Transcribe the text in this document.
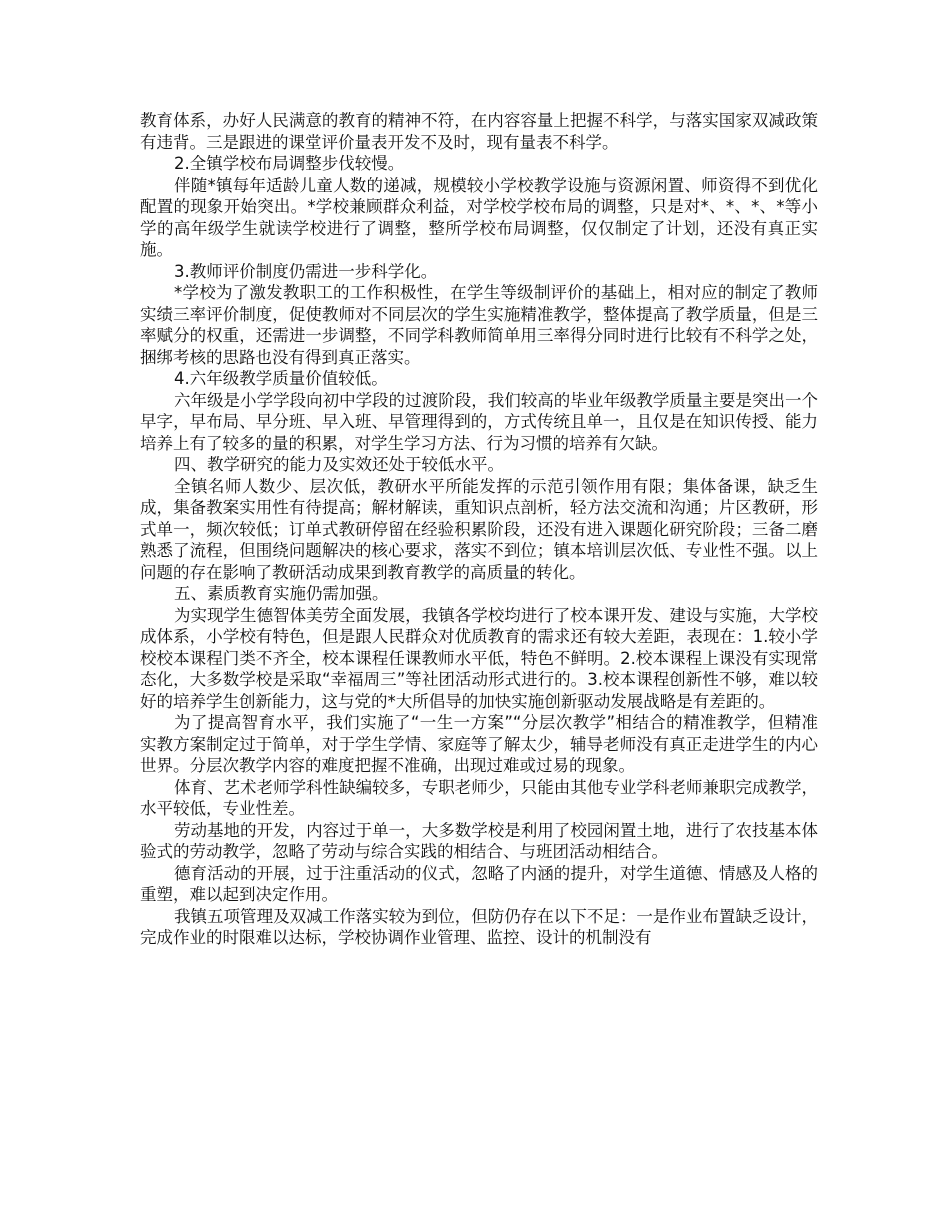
教育体系，办好人民满意的教育的精神不符，在内容容量上把握不科学，与落实国家双减政策有违背。三是跟进的课堂评价量表开发不及时，现有量表不科学。

2.全镇学校布局调整步伐较慢。

伴随*镇每年适龄儿童人数的递减，规模较小学校教学设施与资源闲置、师资得不到优化配置的现象开始突出。*学校兼顾群众利益，对学校学校布局的调整，只是对*、*、*、*等小学的高年级学生就读学校进行了调整，整所学校布局调整，仅仅制定了计划，还没有真正实施。

3.教师评价制度仍需进一步科学化。

*学校为了激发教职工的工作积极性，在学生等级制评价的基础上，相对应的制定了教师实绩三率评价制度，促使教师对不同层次的学生实施精准教学，整体提高了教学质量，但是三率赋分的权重，还需进一步调整，不同学科教师简单用三率得分同时进行比较有不科学之处，捆绑考核的思路也没有得到真正落实。

4.六年级教学质量价值较低。

六年级是小学学段向初中学段的过渡阶段，我们较高的毕业年级教学质量主要是突出一个早字，早布局、早分班、早入班、早管理得到的，方式传统且单一，且仅是在知识传授、能力培养上有了较多的量的积累，对学生学习方法、行为习惯的培养有欠缺。

四、教学研究的能力及实效还处于较低水平。

全镇名师人数少、层次低，教研水平所能发挥的示范引领作用有限；集体备课，缺乏生成，集备教案实用性有待提高；解材解读，重知识点剖析，轻方法交流和沟通；片区教研，形式单一，频次较低；订单式教研停留在经验积累阶段，还没有进入课题化研究阶段；三备二磨熟悉了流程，但围绕问题解决的核心要求，落实不到位；镇本培训层次低、专业性不强。以上问题的存在影响了教研活动成果到教育教学的高质量的转化。

五、素质教育实施仍需加强。

为实现学生德智体美劳全面发展，我镇各学校均进行了校本课开发、建设与实施，大学校成体系，小学校有特色，但是跟人民群众对优质教育的需求还有较大差距，表现在：1.较小学校校本课程门类不齐全，校本课程任课教师水平低，特色不鲜明。2.校本课程上课没有实现常态化，大多数学校是采取“幸福周三”等社团活动形式进行的。3.校本课程创新性不够，难以较好的培养学生创新能力，这与党的*大所倡导的加快实施创新驱动发展战略是有差距的。

为了提高智育水平，我们实施了“一生一方案”“分层次教学”相结合的精准教学，但精准实教方案制定过于简单，对于学生学情、家庭等了解太少，辅导老师没有真正走进学生的内心世界。分层次教学内容的难度把握不准确，出现过难或过易的现象。

体育、艺术老师学科性缺编较多，专职老师少，只能由其他专业学科老师兼职完成教学，水平较低，专业性差。

劳动基地的开发，内容过于单一，大多数学校是利用了校园闲置土地，进行了农技基本体验式的劳动教学，忽略了劳动与综合实践的相结合、与班团活动相结合。

德育活动的开展，过于注重活动的仪式，忽略了内涵的提升，对学生道德、情感及人格的重塑，难以起到决定作用。

我镇五项管理及双减工作落实较为到位，但防仍存在以下不足：一是作业布置缺乏设计，完成作业的时限难以达标，学校协调作业管理、监控、设计的机制没有
